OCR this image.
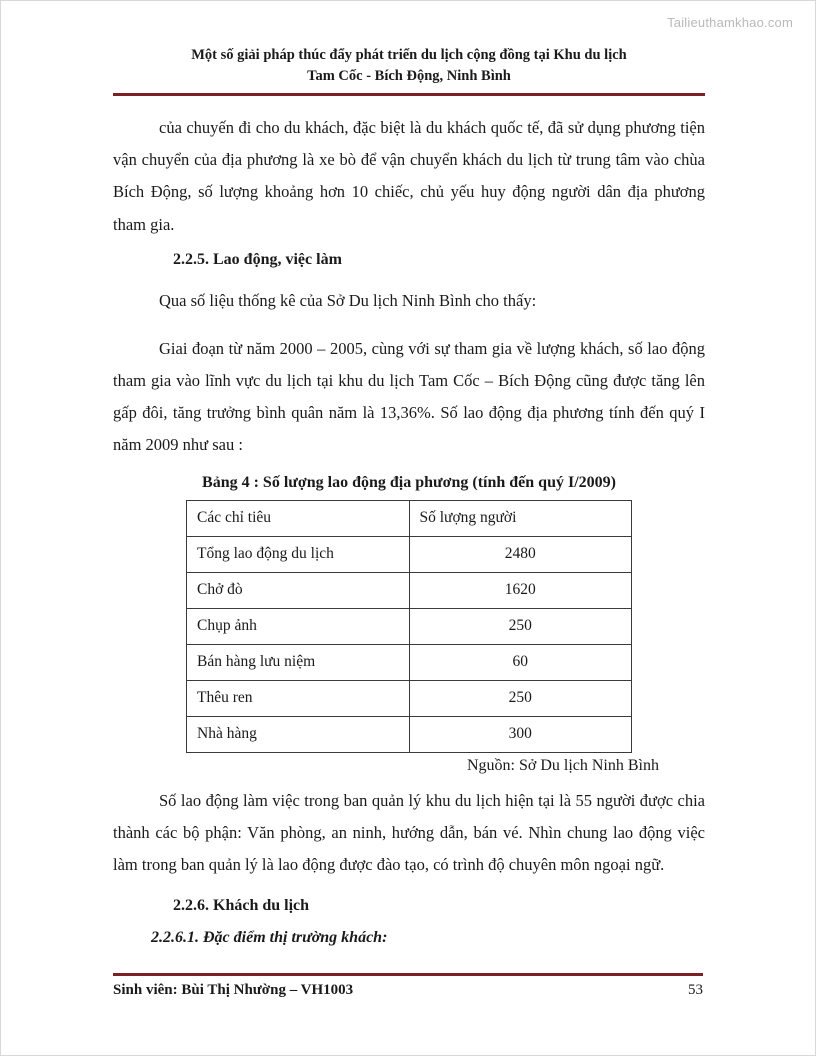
Tailieuthamkhao.com
Một số giải pháp thúc đẩy phát triển du lịch cộng đồng tại Khu du lịch
Tam Cốc - Bích Động, Ninh Bình
của chuyến đi cho du khách, đặc biệt là du khách quốc tế, đã sử dụng phương tiện vận chuyển của địa phương là xe bò để vận chuyển khách du lịch từ trung tâm vào chùa Bích Động, số lượng khoảng hơn 10 chiếc, chủ yếu huy động người dân địa phương tham gia.
2.2.5. Lao động, việc làm
Qua số liệu thống kê của Sở Du lịch Ninh Bình cho thấy:
Giai đoạn từ năm 2000 – 2005, cùng với sự tham gia về lượng khách, số lao động tham gia vào lĩnh vực du lịch tại khu du lịch Tam Cốc – Bích Động cũng được tăng lên gấp đôi, tăng trưởng bình quân năm là 13,36%. Số lao động địa phương tính đến quý I năm 2009 như sau :
Bảng 4 : Số lượng lao động địa phương (tính đến quý I/2009)
Các chỉ tiêu	Số lượng người
Tổng lao động du lịch	2480
Chở đò	1620
Chụp ảnh	250
Bán hàng lưu niệm	60
Thêu ren	250
Nhà hàng	300
Nguồn: Sở Du lịch Ninh Bình
Số lao động làm việc trong ban quản lý khu du lịch hiện tại là 55 người được chia thành các bộ phận: Văn phòng, an ninh, hướng dẫn, bán vé. Nhìn chung lao động việc làm trong ban quản lý là lao động được đào tạo, có trình độ chuyên môn ngoại ngữ.
2.2.6. Khách du lịch
2.2.6.1. Đặc điểm thị trường khách:
Sinh viên: Bùi Thị Nhường – VH1003	53
